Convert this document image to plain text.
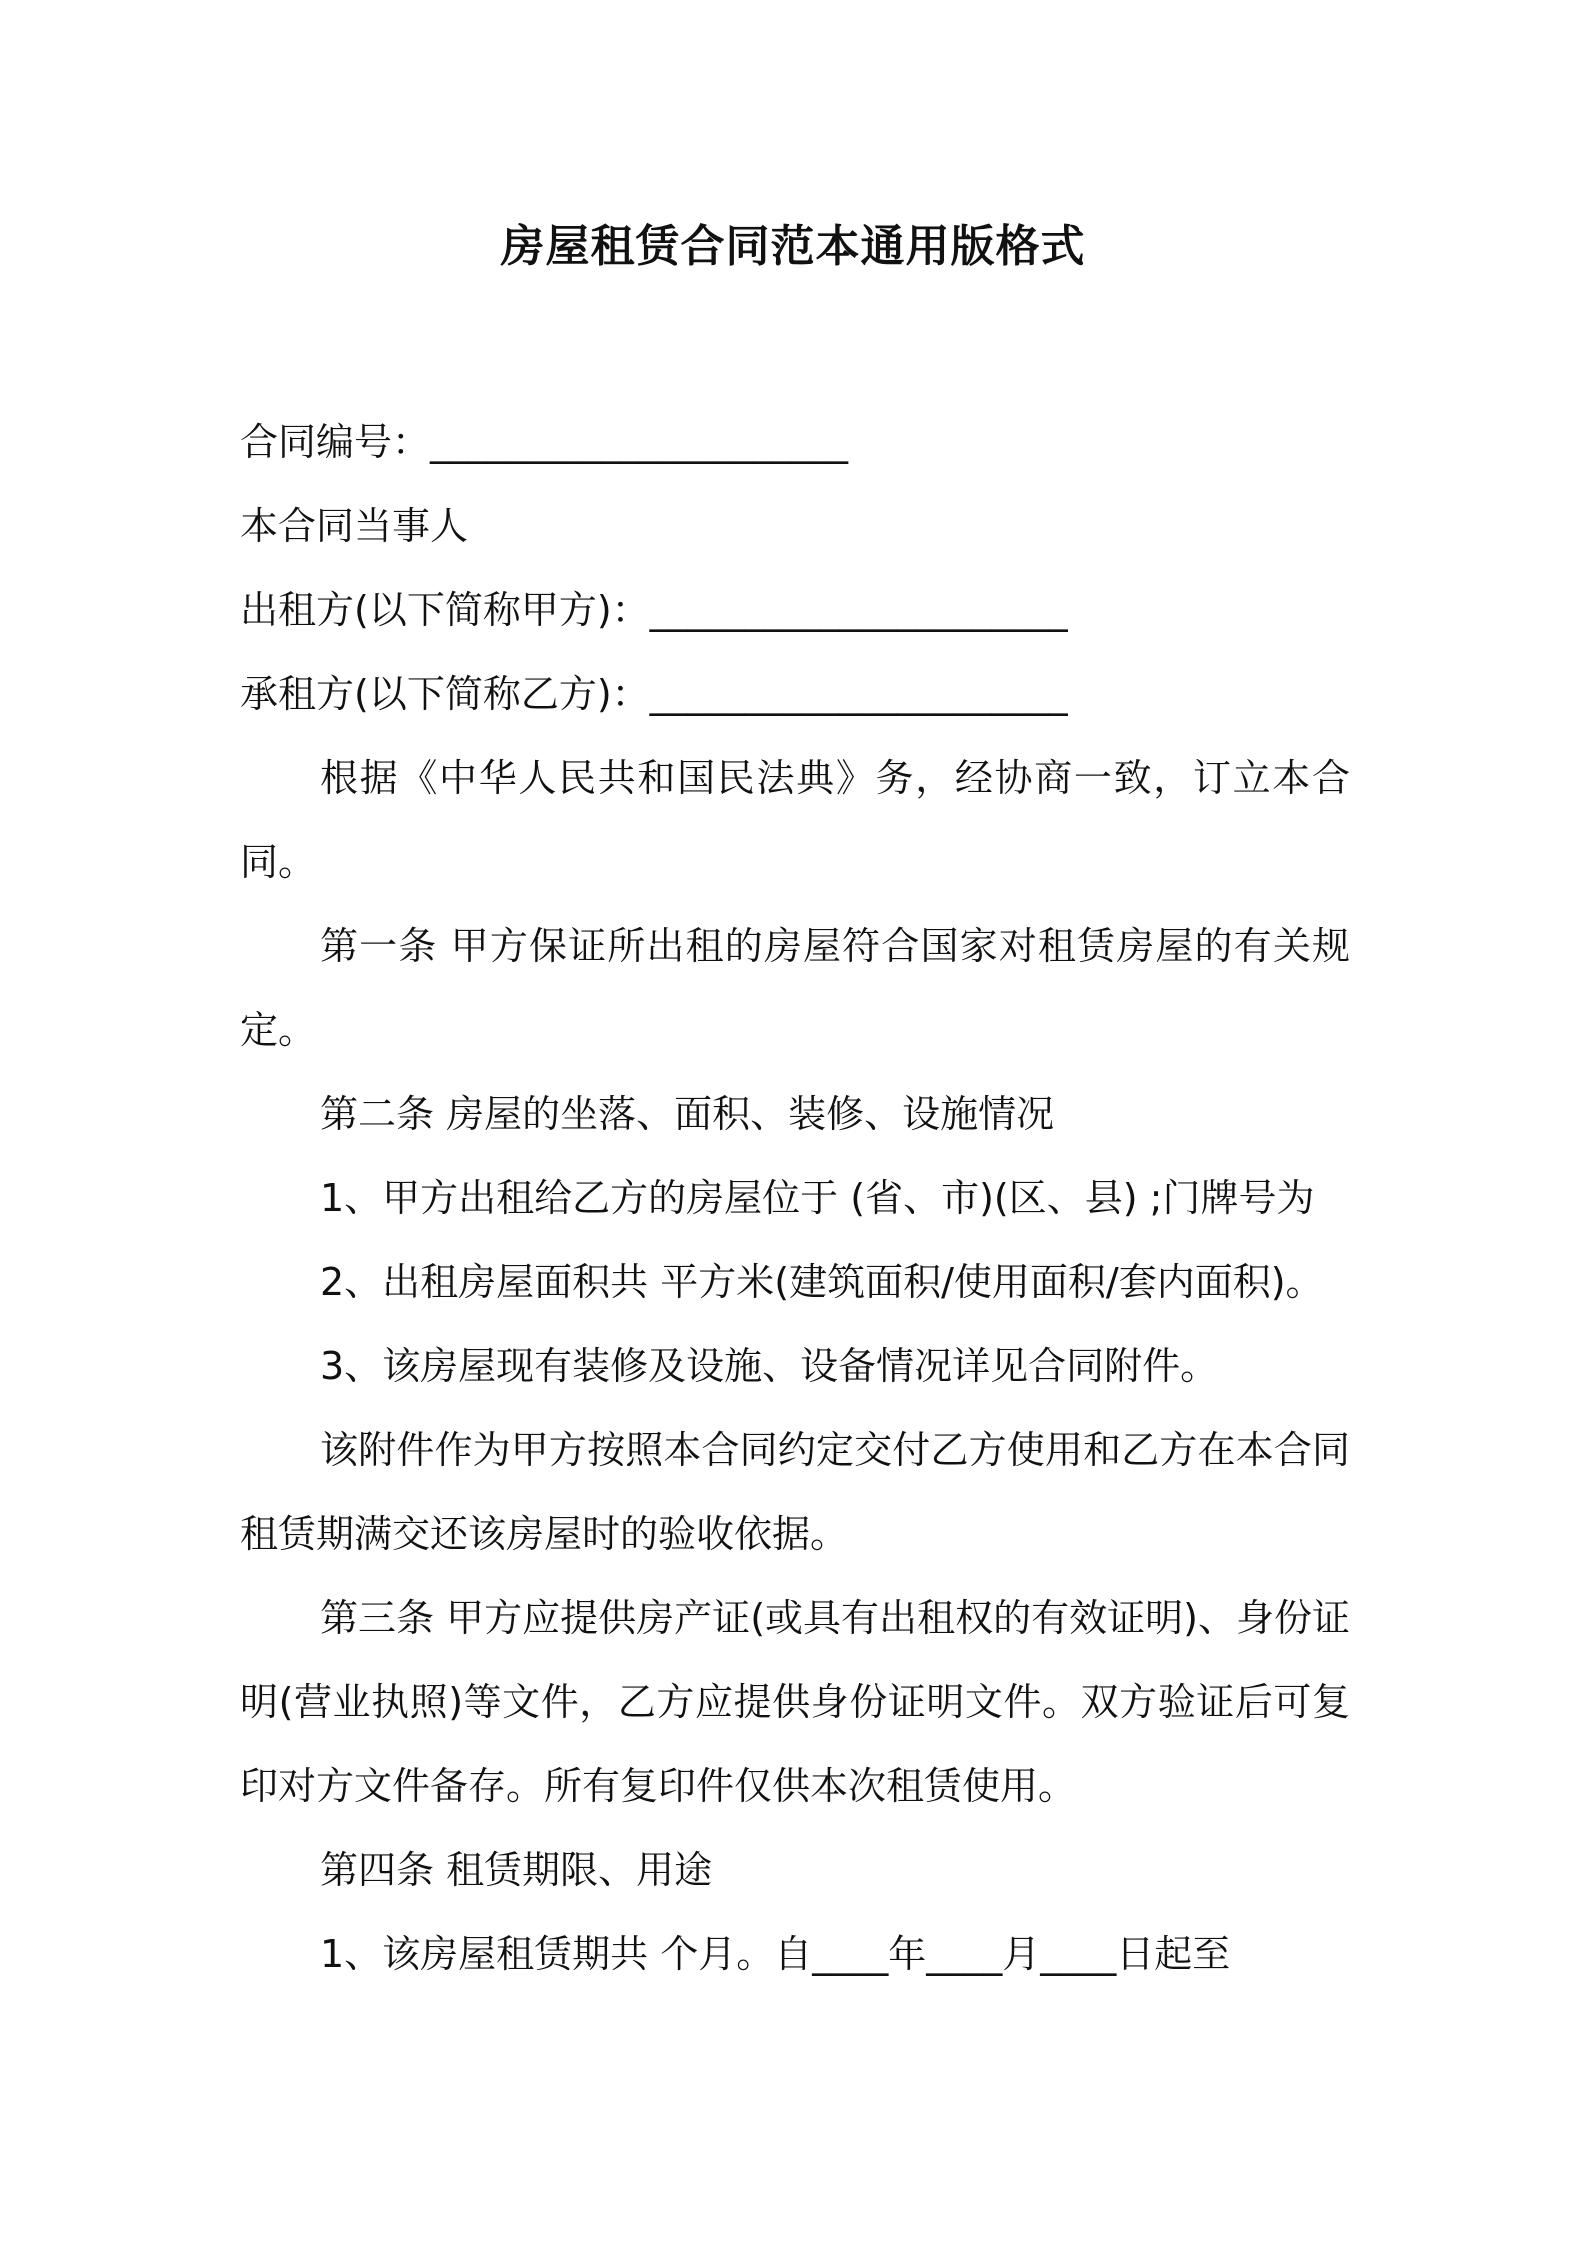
房屋租赁合同范本通用版格式

合同编号：______________________

本合同当事人

出租方(以下简称甲方)：______________________

承租方(以下简称乙方)：______________________

根据《中华人民共和国民法典》务，经协商一致，订立本合同。

第一条 甲方保证所出租的房屋符合国家对租赁房屋的有关规定。

第二条 房屋的坐落、面积、装修、设施情况

1、甲方出租给乙方的房屋位于 (省、市)(区、县) ;门牌号为

2、出租房屋面积共 平方米(建筑面积/使用面积/套内面积)。

3、该房屋现有装修及设施、设备情况详见合同附件。

该附件作为甲方按照本合同约定交付乙方使用和乙方在本合同租赁期满交还该房屋时的验收依据。

第三条 甲方应提供房产证(或具有出租权的有效证明)、身份证明(营业执照)等文件，乙方应提供身份证明文件。双方验证后可复印对方文件备存。所有复印件仅供本次租赁使用。

第四条 租赁期限、用途

1、该房屋租赁期共 个月。自____年____月____日起至
